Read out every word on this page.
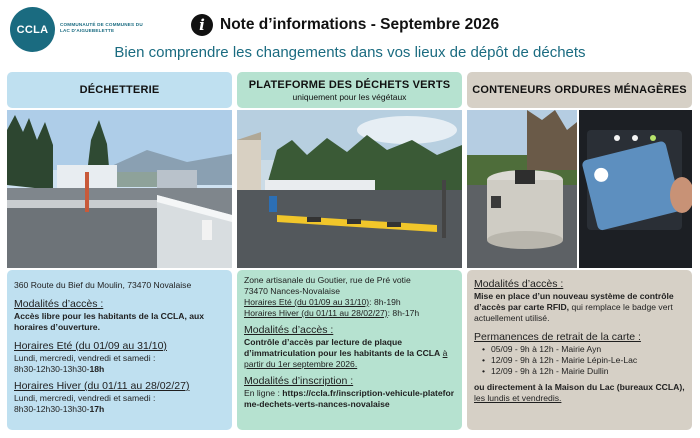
CCLA	COMMUNAUTÉ DE COMMUNES DU
LAC D'AIGUEBELETTE	i Note d’informations - Septembre 2026
Bien comprendre les changements dans vos lieux de dépôt de déchets
DÉCHETTERIE	PLATEFORME DES DÉCHETS VERTS
uniquement pour les végétaux
CONTENEURS ORDURES MÉNAGÈRES
360 Route du Bief du Moulin, 73470 Novalaise
Modalités d’accès :
Accès libre pour les habitants de la CCLA, aux horaires d’ouverture.
Horaires Eté (du 01/09 au 31/10)
Lundi, mercredi, vendredi et samedi :
8h30-12h30-13h30-18h
Horaires Hiver (du 01/11 au 28/02/27)
Lundi, mercredi, vendredi et samedi :
8h30-12h30-13h30-17h
Zone artisanale du Goutier, rue de Pré votie
73470 Nances-Novalaise
Horaires Eté (du 01/09 au 31/10): 8h-19h
Horaires Hiver (du 01/11 au 28/02/27): 8h-17h
Modalités d’accès :
Contrôle d’accès par lecture de plaque d’immatriculation pour les habitants de la CCLA à partir du 1er septembre 2026.
Modalités d’inscription :
En ligne : https://ccla.fr/inscription-vehicule-plateforme-dechets-verts-nances-novalaise
Modalités d’accès :
Mise en place d’un nouveau système de contrôle d’accès par carte RFID, qui remplace le badge vert actuellement utilisé.
Permanences de retrait de la carte :
• 05/09 - 9h à 12h - Mairie Ayn
• 12/09 - 9h à 12h - Mairie Lépin-Le-Lac
• 12/09 - 9h à 12h - Mairie Dullin
ou directement à la Maison du Lac (bureaux CCLA), les lundis et vendredis.
